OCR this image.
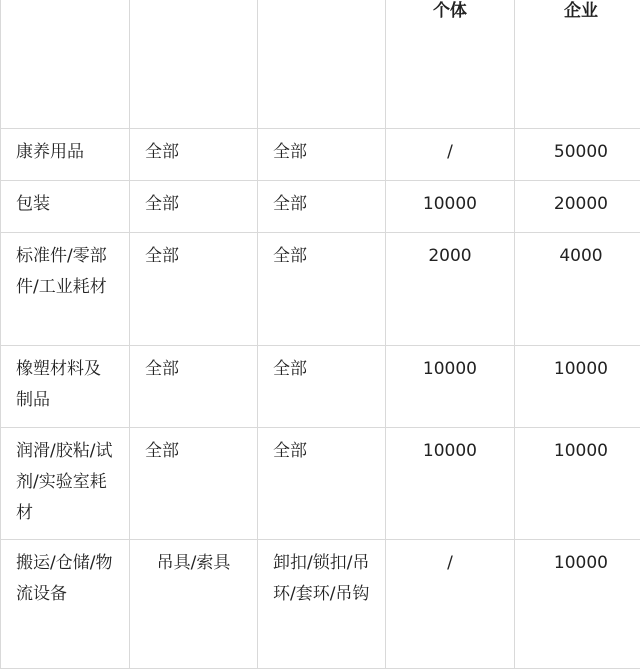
			个体	企业
康养用品	全部	全部	/	50000
包装	全部	全部	10000	20000
标准件/零部件/工业耗材	全部	全部	2000	4000
橡塑材料及制品	全部	全部	10000	10000
润滑/胶粘/试剂/实验室耗材	全部	全部	10000	10000
搬运/仓储/物流设备	吊具/索具	卸扣/锁扣/吊环/套环/吊钩	/	10000
